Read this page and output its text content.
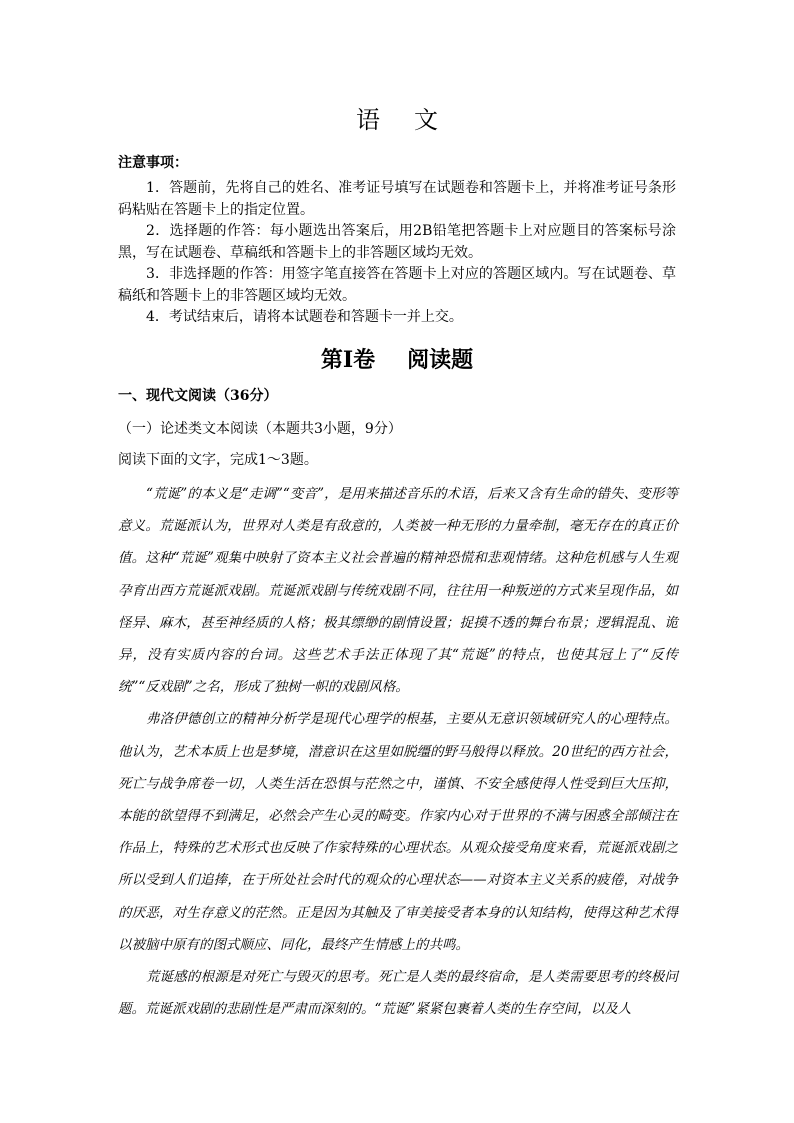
语文
注意事项：

1．答题前，先将自己的姓名、准考证号填写在试题卷和答题卡上，并将准考证号条形码粘贴在答题卡上的指定位置。

2．选择题的作答：每小题选出答案后，用2B铅笔把答题卡上对应题目的答案标号涂黑，写在试题卷、草稿纸和答题卡上的非答题区域均无效。

3．非选择题的作答：用签字笔直接答在答题卡上对应的答题区域内。写在试题卷、草稿纸和答题卡上的非答题区域均无效。

4．考试结束后，请将本试题卷和答题卡一并上交。

第Ⅰ卷 阅读题
一、现代文阅读（36分）
（一）论述类文本阅读（本题共3小题，9分）
阅读下面的文字，完成1～3题。

“荒诞”的本义是“走调”“变音”，是用来描述音乐的术语，后来又含有生命的错失、变形等意义。荒诞派认为，世界对人类是有敌意的，人类被一种无形的力量牵制，毫无存在的真正价值。这种“荒诞”观集中映射了资本主义社会普遍的精神恐慌和悲观情绪。这种危机感与人生观孕育出西方荒诞派戏剧。荒诞派戏剧与传统戏剧不同，往往用一种叛逆的方式来呈现作品，如怪异、麻木，甚至神经质的人格；极其缥缈的剧情设置；捉摸不透的舞台布景；逻辑混乱、诡异，没有实质内容的台词。这些艺术手法正体现了其“荒诞”的特点，也使其冠上了“反传统”“反戏剧”之名，形成了独树一帜的戏剧风格。

弗洛伊德创立的精神分析学是现代心理学的根基，主要从无意识领域研究人的心理特点。他认为，艺术本质上也是梦境，潜意识在这里如脱缰的野马般得以释放。20世纪的西方社会，死亡与战争席卷一切，人类生活在恐惧与茫然之中，谨慎、不安全感使得人性受到巨大压抑，本能的欲望得不到满足，必然会产生心灵的畸变。作家内心对于世界的不满与困惑全部倾注在作品上，特殊的艺术形式也反映了作家特殊的心理状态。从观众接受角度来看，荒诞派戏剧之所以受到人们追捧，在于所处社会时代的观众的心理状态——对资本主义关系的疲倦，对战争的厌恶，对生存意义的茫然。正是因为其触及了审美接受者本身的认知结构，使得这种艺术得以被脑中原有的图式顺应、同化，最终产生情感上的共鸣。

荒诞感的根源是对死亡与毁灭的思考。死亡是人类的最终宿命，是人类需要思考的终极问题。荒诞派戏剧的悲剧性是严肃而深刻的。“荒诞”紧紧包裹着人类的生存空间，以及人
